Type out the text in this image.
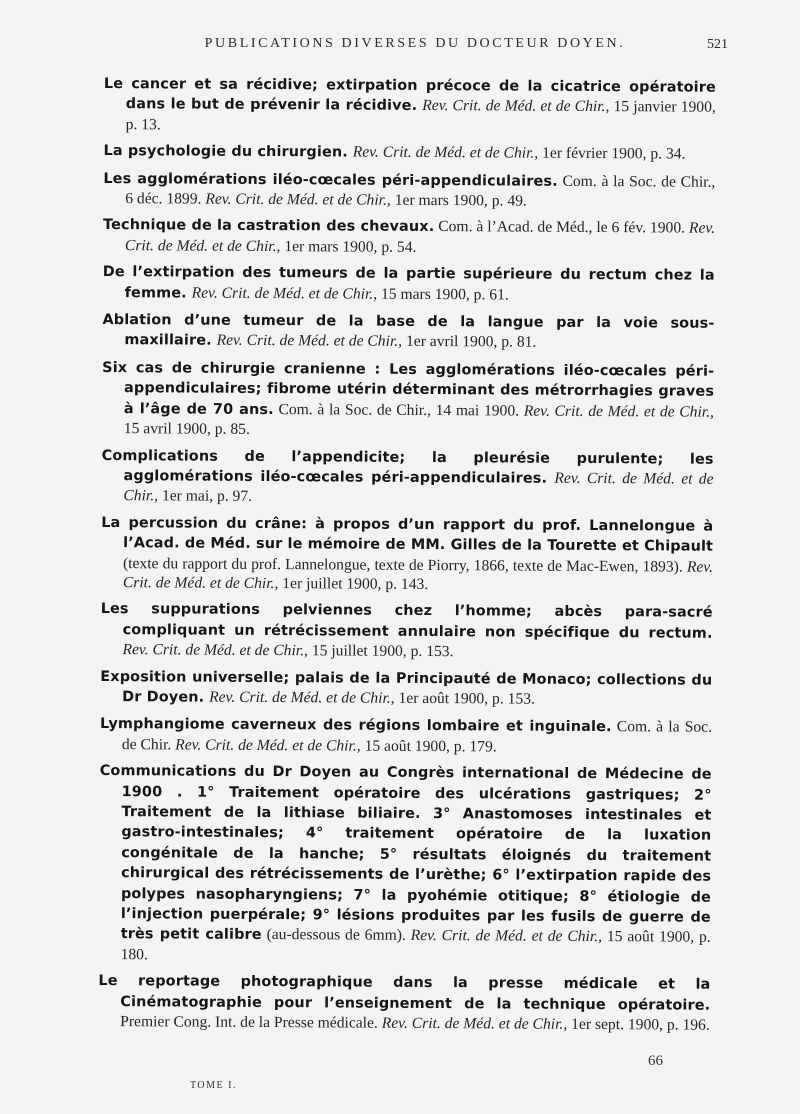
PUBLICATIONS DIVERSES DU DOCTEUR DOYEN.	521

Le cancer et sa récidive; extirpation précoce de la cicatrice opératoire dans le but de prévenir la récidive. Rev. Crit. de Méd. et de Chir., 15 janvier 1900, p. 13.

La psychologie du chirurgien. Rev. Crit. de Méd. et de Chir., 1er février 1900, p. 34.

Les agglomérations iléo-cœcales péri-appendiculaires. Com. à la Soc. de Chir., 6 déc. 1899. Rev. Crit. de Méd. et de Chir., 1er mars 1900, p. 49.

Technique de la castration des chevaux. Com. à l’Acad. de Méd., le 6 fév. 1900. Rev. Crit. de Méd. et de Chir., 1er mars 1900, p. 54.

De l’extirpation des tumeurs de la partie supérieure du rectum chez la femme. Rev. Crit. de Méd. et de Chir., 15 mars 1900, p. 61.

Ablation d’une tumeur de la base de la langue par la voie sous-maxillaire. Rev. Crit. de Méd. et de Chir., 1er avril 1900, p. 81.

Six cas de chirurgie cranienne : Les agglomérations iléo-cœcales péri-appendiculaires; fibrome utérin déterminant des métrorrhagies graves à l’âge de 70 ans. Com. à la Soc. de Chir., 14 mai 1900. Rev. Crit. de Méd. et de Chir., 15 avril 1900, p. 85.

Complications de l’appendicite; la pleurésie purulente; les agglomérations iléo-cœcales péri-appendiculaires. Rev. Crit. de Méd. et de Chir., 1er mai, p. 97.

La percussion du crâne: à propos d’un rapport du prof. Lannelongue à l’Acad. de Méd. sur le mémoire de MM. Gilles de la Tourette et Chipault (texte du rapport du prof. Lannelongue, texte de Piorry, 1866, texte de Mac-Ewen, 1893). Rev. Crit. de Méd. et de Chir., 1er juillet 1900, p. 143.

Les suppurations pelviennes chez l’homme; abcès para-sacré compliquant un rétrécissement annulaire non spécifique du rectum. Rev. Crit. de Méd. et de Chir., 15 juillet 1900, p. 153.

Exposition universelle; palais de la Principauté de Monaco; collections du Dr Doyen. Rev. Crit. de Méd. et de Chir., 1er août 1900, p. 153.

Lymphangiome caverneux des régions lombaire et inguinale. Com. à la Soc. de Chir. Rev. Crit. de Méd. et de Chir., 15 août 1900, p. 179.

Communications du Dr Doyen au Congrès international de Médecine de 1900 . 1° Traitement opératoire des ulcérations gastriques; 2° Traitement de la lithiase biliaire. 3° Anastomoses intestinales et gastro-intestinales; 4° traitement opératoire de la luxation congénitale de la hanche; 5° résultats éloignés du traitement chirurgical des rétrécissements de l’urèthe; 6° l’extirpation rapide des polypes nasopharyngiens; 7° la pyohémie otitique; 8° étiologie de l’injection puerpérale; 9° lésions produites par les fusils de guerre de très petit calibre (au-dessous de 6mm). Rev. Crit. de Méd. et de Chir., 15 août 1900, p. 180.

Le reportage photographique dans la presse médicale et la Cinématographie pour l’enseignement de la technique opératoire. Premier Cong. Int. de la Presse médicale. Rev. Crit. de Méd. et de Chir., 1er sept. 1900, p. 196.

66
TOME I.
